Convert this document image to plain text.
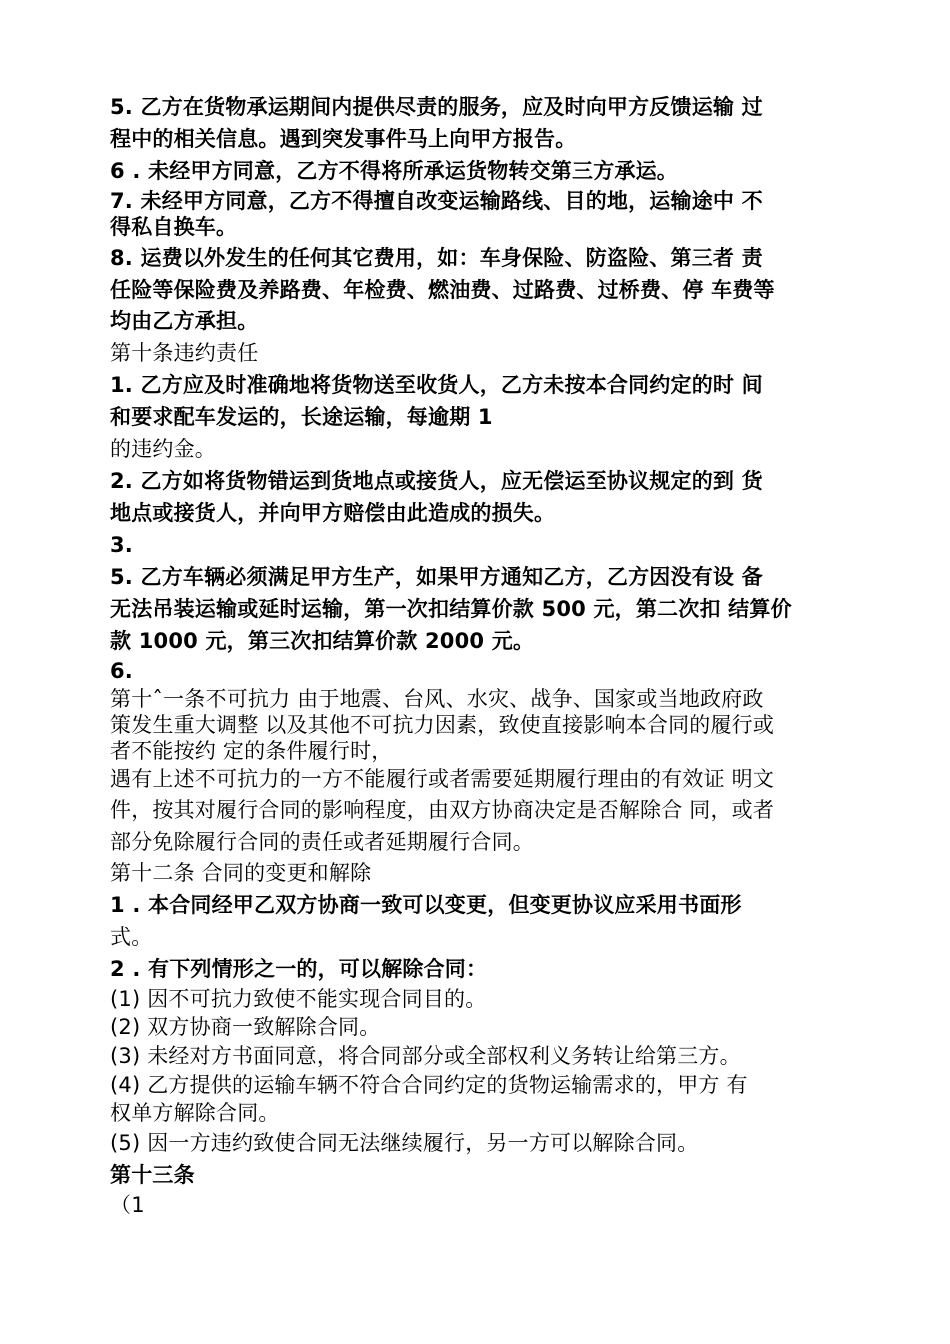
5. 乙方在货物承运期间内提供尽责的服务，应及时向甲方反馈运输 过
程中的相关信息。遇到突发事件马上向甲方报告。
6 . 未经甲方同意，乙方不得将所承运货物转交第三方承运。
7. 未经甲方同意，乙方不得擅自改变运输路线、目的地，运输途中 不
得私自换车。
8. 运费以外发生的任何其它费用，如：车身保险、防盗险、第三者 责
任险等保险费及养路费、年检费、燃油费、过路费、过桥费、停 车费等
均由乙方承担。
第十条违约责任
1. 乙方应及时准确地将货物送至收货人，乙方未按本合同约定的时 间
和要求配车发运的，长途运输，每逾期 1
的违约金。
2. 乙方如将货物错运到货地点或接货人，应无偿运至协议规定的到 货
地点或接货人，并向甲方赔偿由此造成的损失。
3.
5. 乙方车辆必须满足甲方生产，如果甲方通知乙方，乙方因没有设 备
无法吊装运输或延时运输，第一次扣结算价款 500 元，第二次扣 结算价
款 1000 元，第三次扣结算价款 2000 元。
6.
第十ˆ一条不可抗力 由于地震、台风、水灾、战争、国家或当地政府政
策发生重大调整 以及其他不可抗力因素，致使直接影响本合同的履行或
者不能按约 定的条件履行时，
遇有上述不可抗力的一方不能履行或者需要延期履行理由的有效证 明文
件，按其对履行合同的影响程度，由双方协商决定是否解除合 同，或者
部分免除履行合同的责任或者延期履行合同。
第十二条 合同的变更和解除
1 . 本合同经甲乙双方协商一致可以变更，但变更协议应采用书面形
式。
2 . 有下列情形之一的，可以解除合同：
(1) 因不可抗力致使不能实现合同目的。
(2) 双方协商一致解除合同。
(3) 未经对方书面同意，将合同部分或全部权利义务转让给第三方。
(4) 乙方提供的运输车辆不符合合同约定的货物运输需求的，甲方 有
权单方解除合同。
(5) 因一方违约致使合同无法继续履行，另一方可以解除合同。
第十三条
（1
